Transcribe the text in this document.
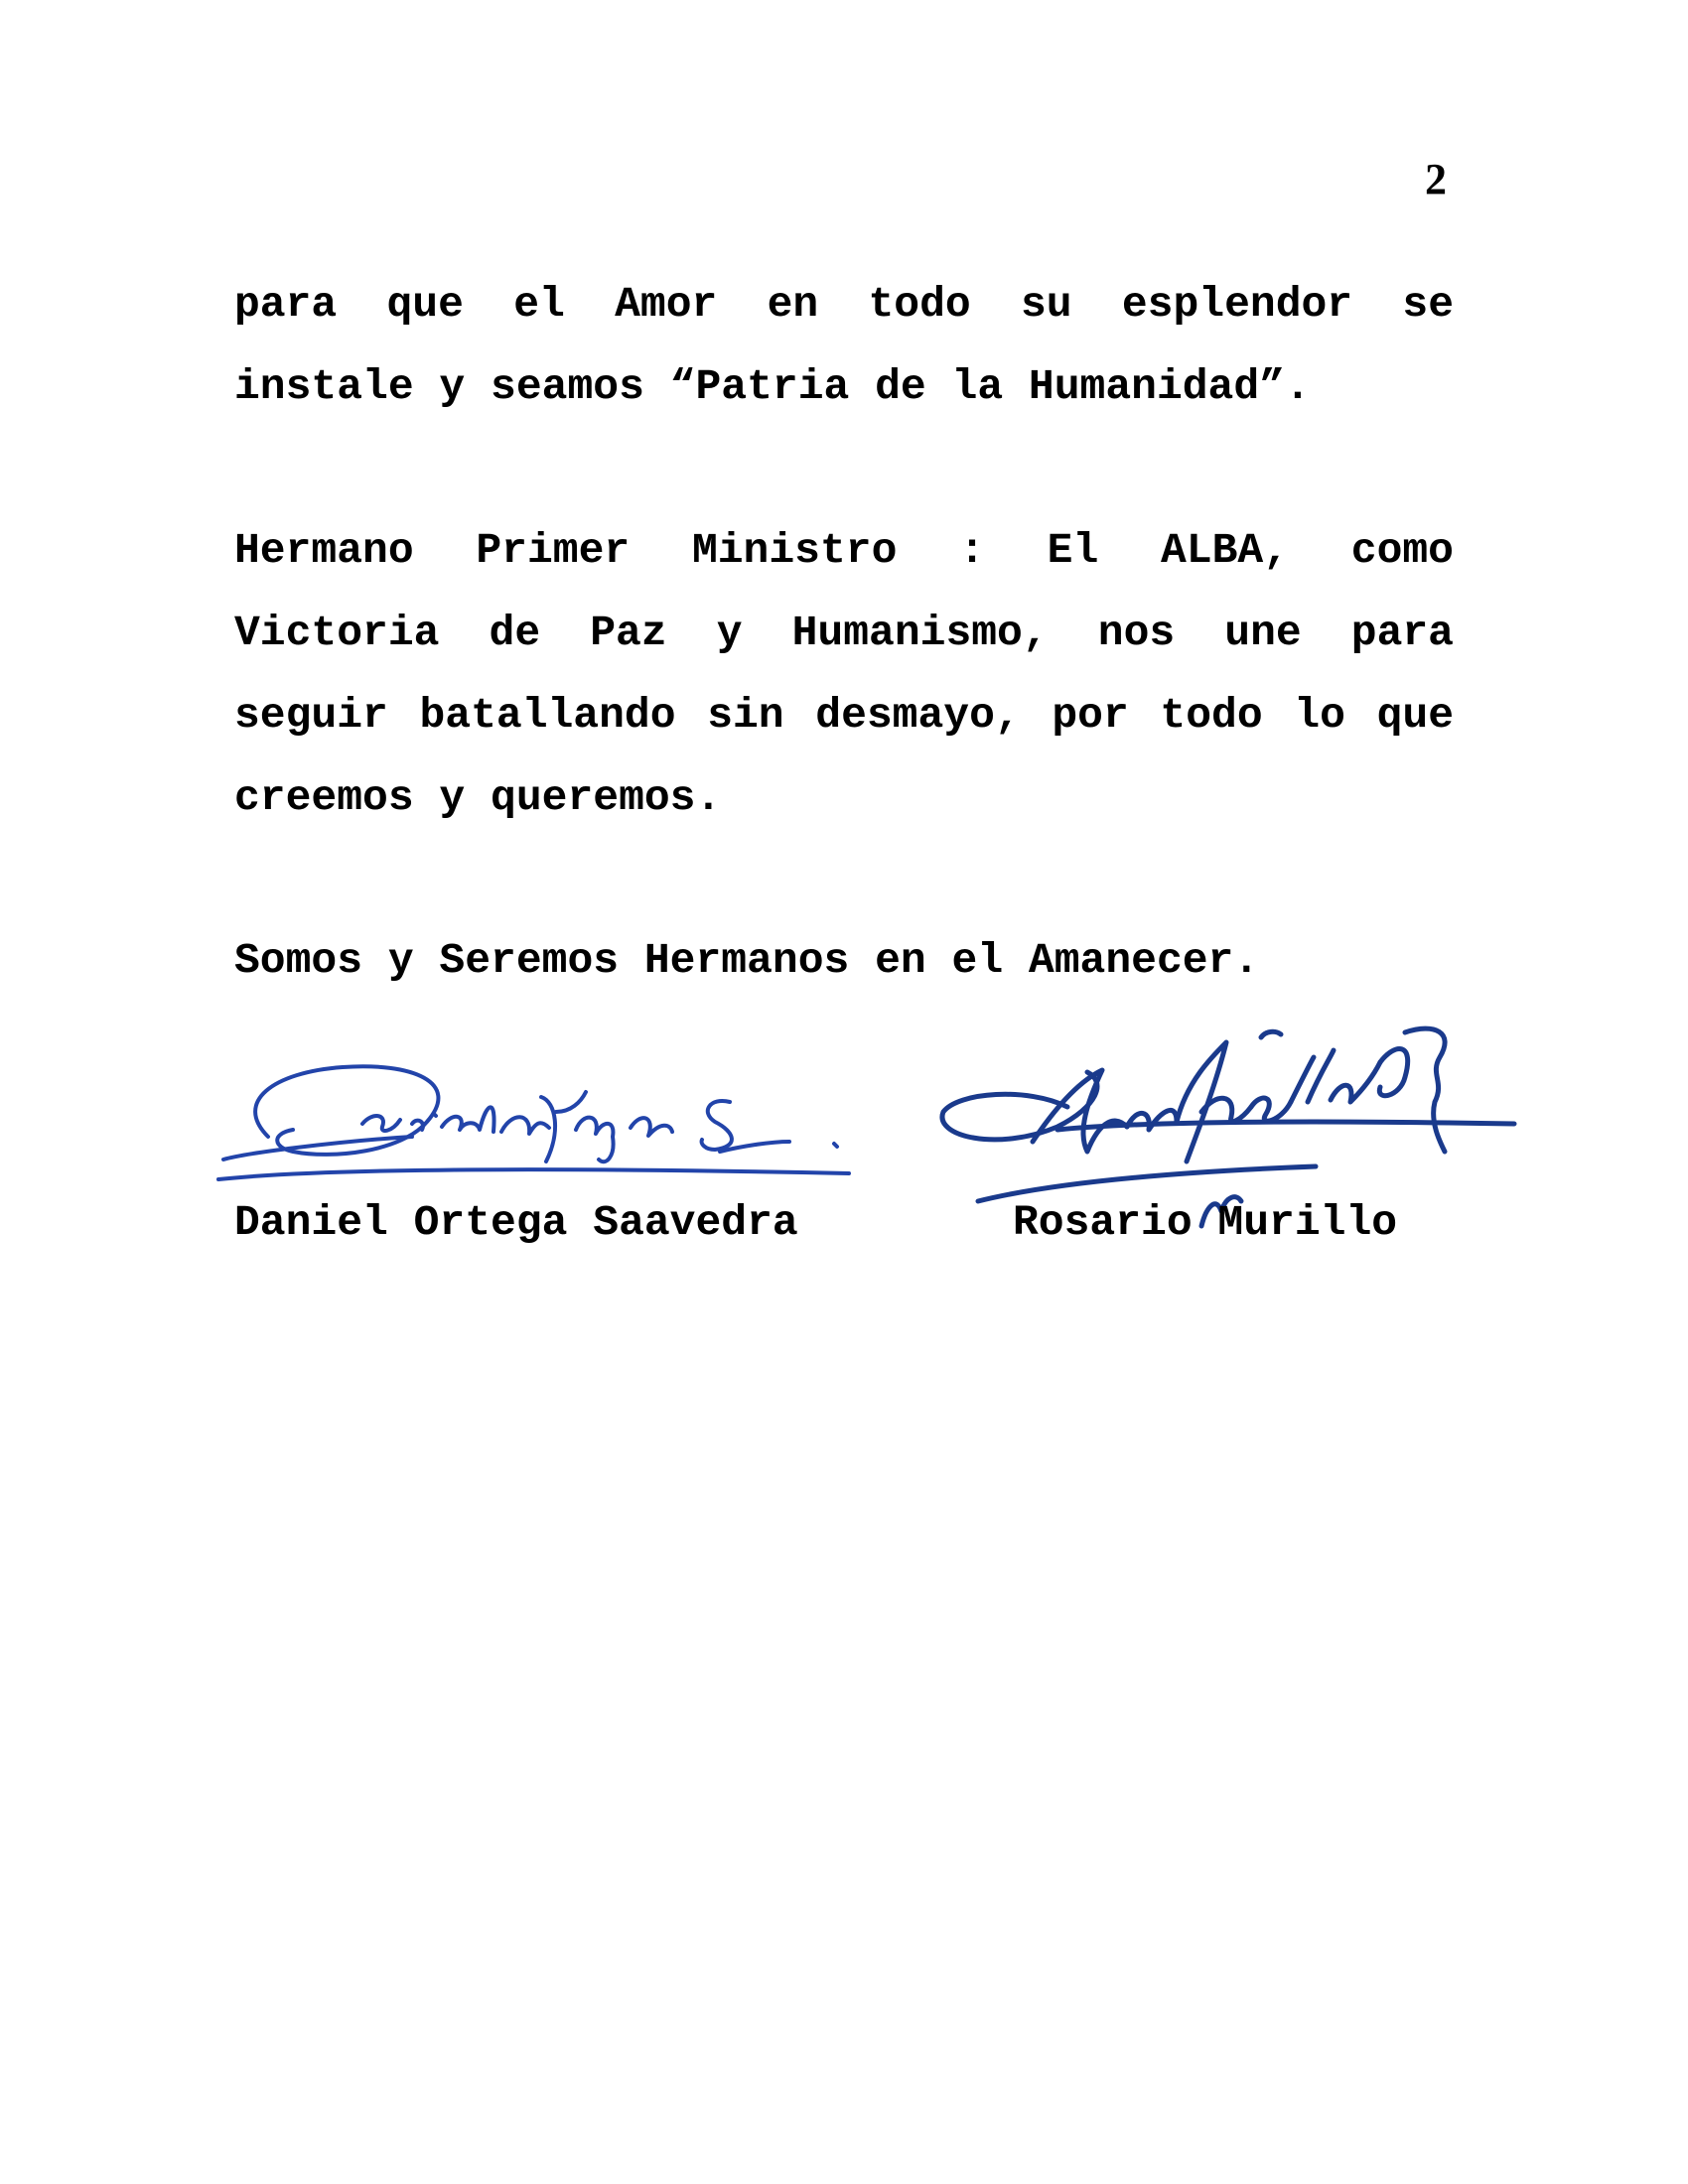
2

para que el Amor en todo su esplendor se instale y seamos “Patria de la Humanidad”.

Hermano Primer Ministro : El ALBA, como Victoria de Paz y Humanismo, nos une para seguir batallando sin desmayo, por todo lo que creemos y queremos.

Somos y Seremos Hermanos en el Amanecer.
Daniel Ortega Saavedra	Rosario Murillo
